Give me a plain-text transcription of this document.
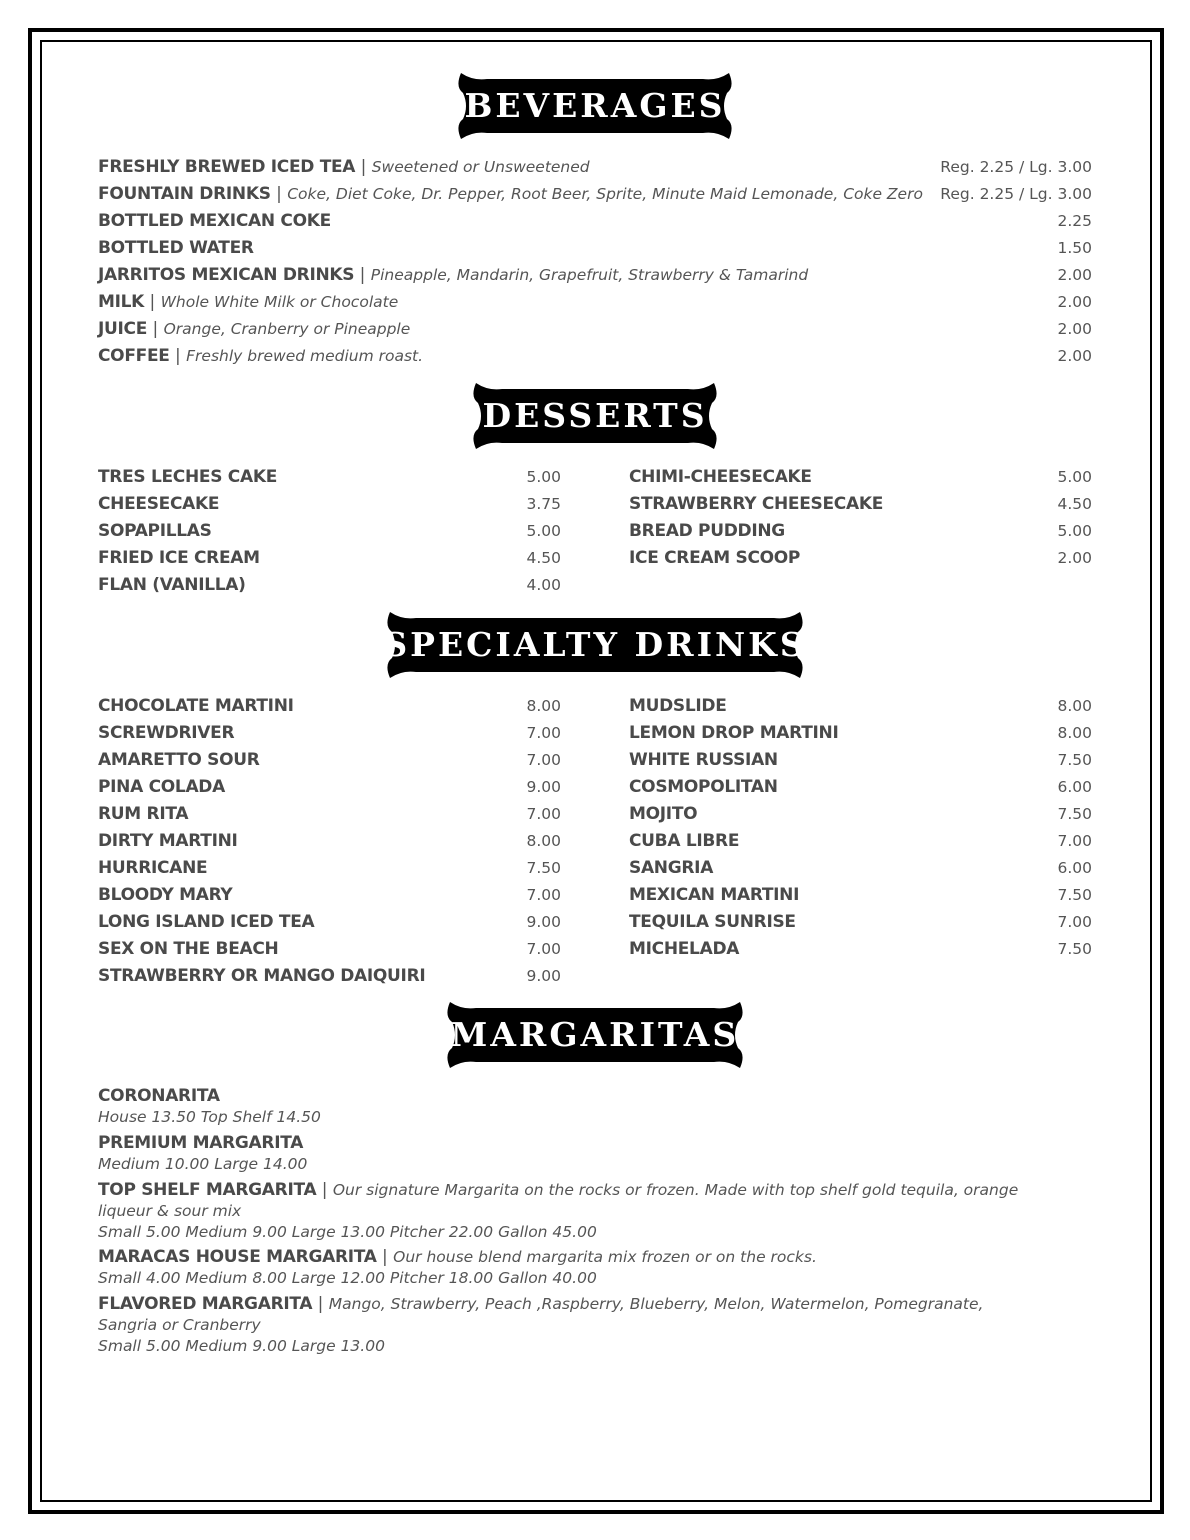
BEVERAGES
FRESHLY BREWED ICED TEA | Sweetened or Unsweetened	Reg. 2.25 / Lg. 3.00
FOUNTAIN DRINKS | Coke, Diet Coke, Dr. Pepper, Root Beer, Sprite, Minute Maid Lemonade, Coke Zero Reg. 2.25 / Lg. 3.00
BOTTLED MEXICAN COKE	2.25
BOTTLED WATER	1.50
JARRITOS MEXICAN DRINKS | Pineapple, Mandarin, Grapefruit, Strawberry & Tamarind	2.00
MILK | Whole White Milk or Chocolate	2.00
JUICE | Orange, Cranberry or Pineapple	2.00
COFFEE | Freshly brewed medium roast.	2.00
DESSERTS
TRES LECHES CAKE	5.00
CHEESECAKE	3.75
SOPAPILLAS	5.00
FRIED ICE CREAM	4.50
FLAN (VANILLA)	4.00
CHIMI-CHEESECAKE	5.00
STRAWBERRY CHEESECAKE	4.50
BREAD PUDDING	5.00
ICE CREAM SCOOP	2.00
SPECIALTY DRINKS
CHOCOLATE MARTINI	8.00
SCREWDRIVER	7.00
AMARETTO SOUR	7.00
PINA COLADA	9.00
RUM RITA	7.00
DIRTY MARTINI	8.00
HURRICANE	7.50
BLOODY MARY	7.00
LONG ISLAND ICED TEA	9.00
SEX ON THE BEACH	7.00
STRAWBERRY OR MANGO DAIQUIRI	9.00
MUDSLIDE	8.00
LEMON DROP MARTINI	8.00
WHITE RUSSIAN	7.50
COSMOPOLITAN	6.00
MOJITO	7.50
CUBA LIBRE	7.00
SANGRIA	6.00
MEXICAN MARTINI	7.50
TEQUILA SUNRISE	7.00
MICHELADA	7.50
MARGARITAS
CORONARITA
House 13.50 Top Shelf 14.50
PREMIUM MARGARITA
Medium 10.00 Large 14.00
TOP SHELF MARGARITA | Our signature Margarita on the rocks or frozen. Made with top shelf gold tequila, orange liqueur & sour mix
Small 5.00 Medium 9.00 Large 13.00 Pitcher 22.00 Gallon 45.00
MARACAS HOUSE MARGARITA | Our house blend margarita mix frozen or on the rocks.
Small 4.00 Medium 8.00 Large 12.00 Pitcher 18.00 Gallon 40.00
FLAVORED MARGARITA | Mango, Strawberry, Peach ,Raspberry, Blueberry, Melon, Watermelon, Pomegranate, Sangria or Cranberry
Small 5.00 Medium 9.00 Large 13.00
